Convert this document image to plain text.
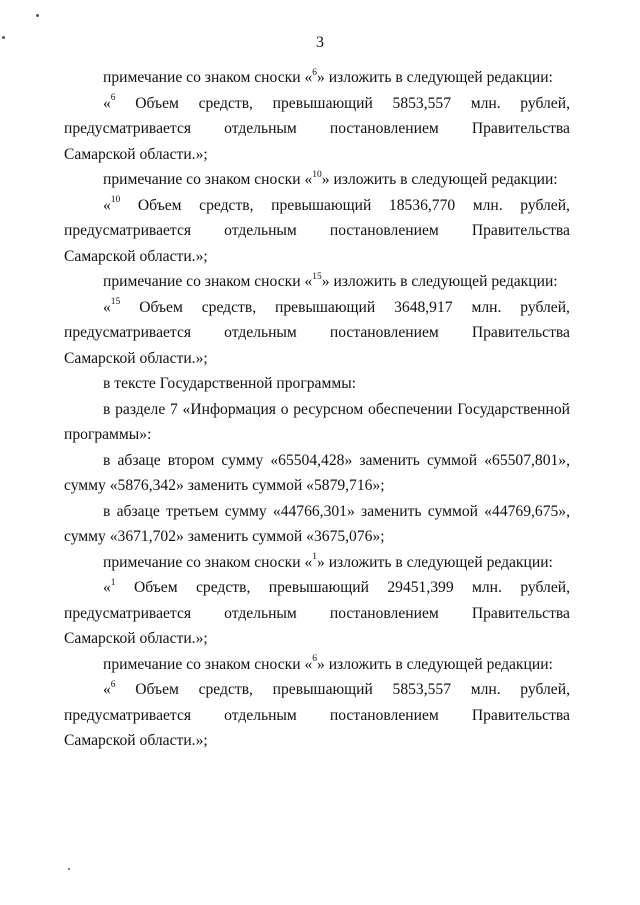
3

примечание со знаком сноски «$^6$» изложить в следующей редакции:

«$^6$ Объем средств, превышающий 5853,557 млн. рублей,
предусматривается отдельным постановлением Правительства
Самарской области.»;

примечание со знаком сноски «$^{10}$» изложить в следующей редакции:

«$^{10}$ Объем средств, превышающий 18536,770 млн. рублей,
предусматривается отдельным постановлением Правительства
Самарской области.»;

примечание со знаком сноски «$^{15}$» изложить в следующей редакции:

«$^{15}$ Объем средств, превышающий 3648,917 млн. рублей,
предусматривается отдельным постановлением Правительства
Самарской области.»;

в тексте Государственной программы:

в разделе 7 «Информация о ресурсном обеспечении Государственной программы»:

в абзаце втором сумму «65504,428» заменить суммой «65507,801», сумму «5876,342» заменить суммой «5879,716»;

в абзаце третьем сумму «44766,301» заменить суммой «44769,675», сумму «3671,702» заменить суммой «3675,076»;

примечание со знаком сноски «$^1$» изложить в следующей редакции:

«$^1$ Объем средств, превышающий 29451,399 млн. рублей,
предусматривается отдельным постановлением Правительства
Самарской области.»;

примечание со знаком сноски «$^6$» изложить в следующей редакции:

«$^6$ Объем средств, превышающий 5853,557 млн. рублей,
предусматривается отдельным постановлением Правительства
Самарской области.»;
